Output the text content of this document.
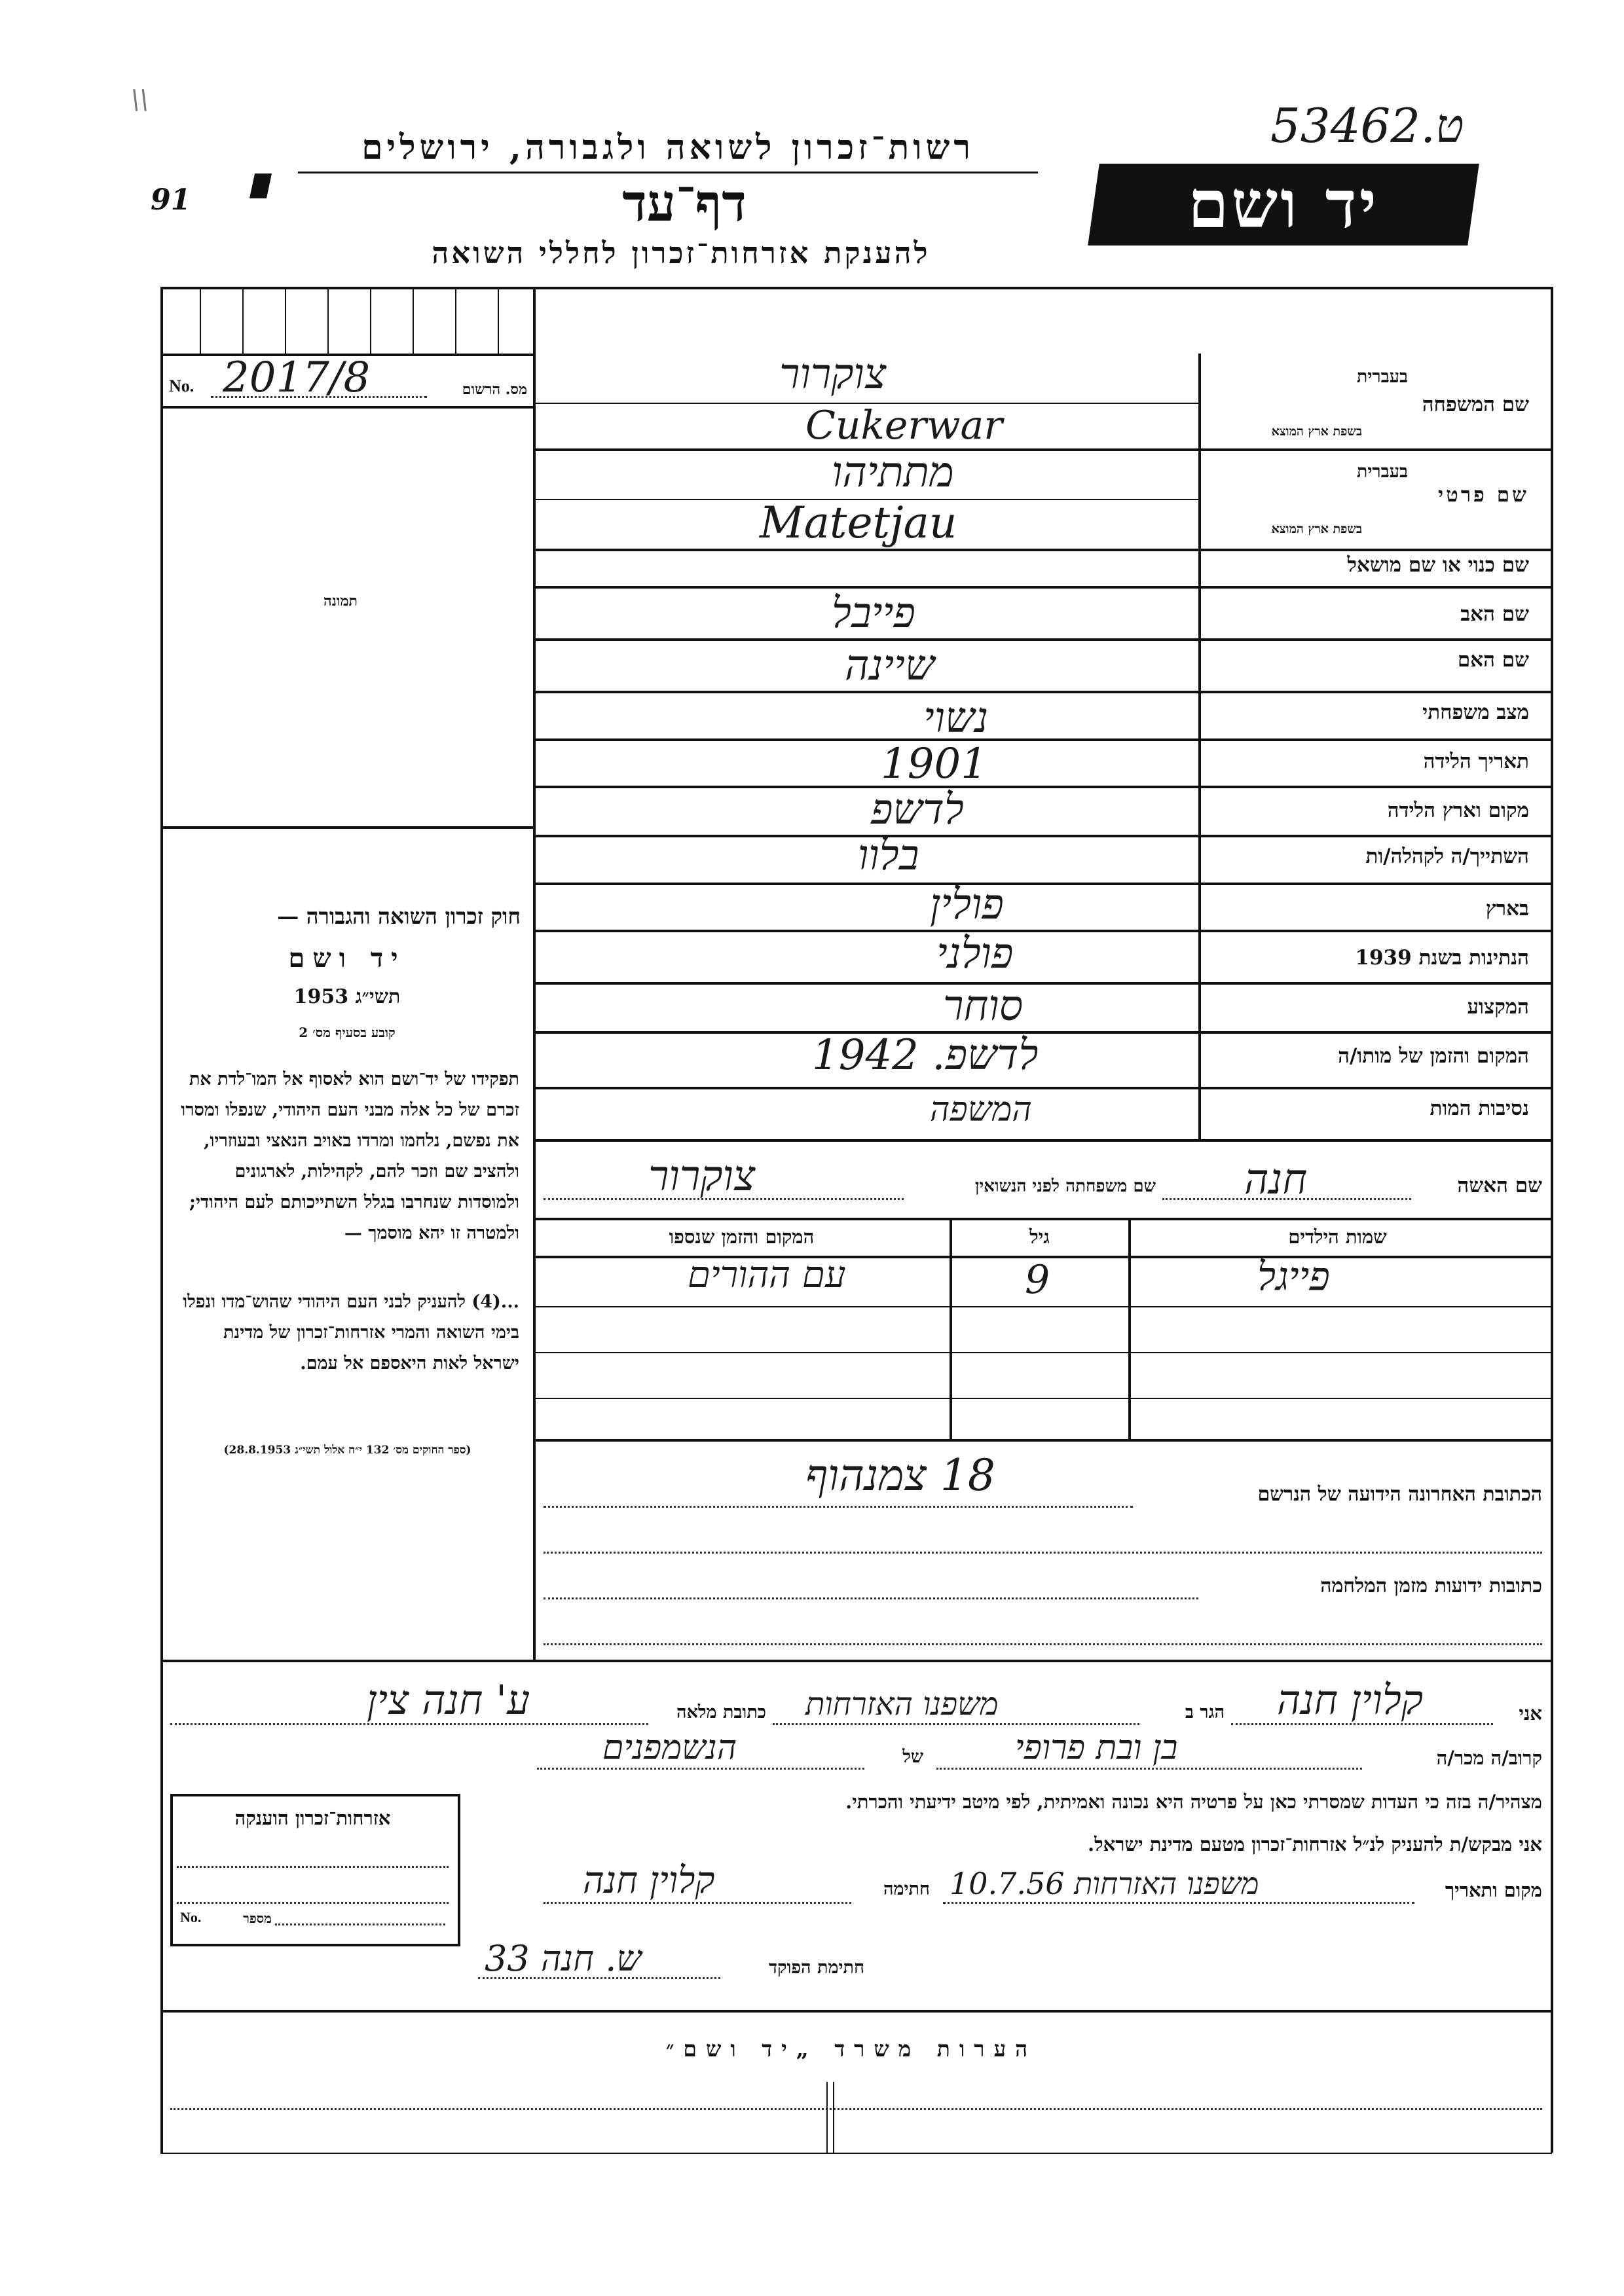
53ט.462
\\
רשות־זכרון לשואה ולגבורה, ירושלים
דף־עד
להענקת אזרחות־זכרון לחללי השואה
91	יד ושם
No. 2017/8	מס. הרשום
תמונה
חוק זכרון השואה והגבורה —
יד ושם
תשי״ג 1953
קובע בסעיף מס׳ 2
תפקידו של יד־ושם הוא לאסוף אל המו־לדת את זכרם של כל אלה מבני העם היהודי, שנפלו ומסרו את נפשם, נלחמו ומרדו באויב הנאצי ובעוזריו, ולהציב שם וזכר להם, לקהילות, לארגונים ולמוסדות שנחרבו בגלל השתייכותם לעם היהודי; ולמטרה זו יהא מוסמך —
...(4) להעניק לבני העם היהודי שהוש־מדו ונפלו בימי השואה והמרי אזרחות־זכרון של מדינת ישראל לאות היאספם אל עמם.
(ספר החוקים מס׳ 132 י״ח אלול תשי״ג 28.8.1953)
שם המשפחה
בעברית
בשפת ארץ המוצא
צוקרור
Cukerwar
שם פרטי
בעברית
בשפת ארץ המוצא
מתתיהו
Matetjau
שם כנוי או שם מושאל
שם האב
פייבל
שם האם
שיינה
מצב משפחתי
נשוי
תאריך הלידה
1901
מקום וארץ הלידה
לדשפ
השתייך/ה לקהלה/ות
בלוו
בארץ
פולין
הנתינות בשנת 1939
פולני
המקצוע
סוחר
המקום והזמן של מותו/ה
לדשפ. 1942
נסיבות המות
המשפה
שם האשה
חנה
שם משפחתה לפני הנשואין
צוקרור
שמות הילדים
גיל
המקום והזמן שנספו
פייגל
9
עם ההורים
הכתובת האחרונה הידועה של הנרשם
18 צמנהוף
כתובות ידועות מזמן המלחמה
אני
קלוין חנה
הגר ב
משפנו האזרחות
כתובת מלאה
ע' חנה צין
קרוב/ה מכר/ה
בן ובת פרופי
של
הנשמפנים
מצהיר/ה בזה כי העדות שמסרתי כאן על פרטיה היא נכונה ואמיתית, לפי מיטב ידיעתי והכרתי.
אני מבקש/ת להעניק לנ״ל אזרחות־זכרון מטעם מדינת ישראל.
מקום ותאריך
משפנו האזרחות 10.7.56
חתימה
קלוין חנה
חתימת הפוקד
ש. חנה 33
אזרחות־זכרון הוענקה
מספר
No.
הערות משרד „יד ושם״
